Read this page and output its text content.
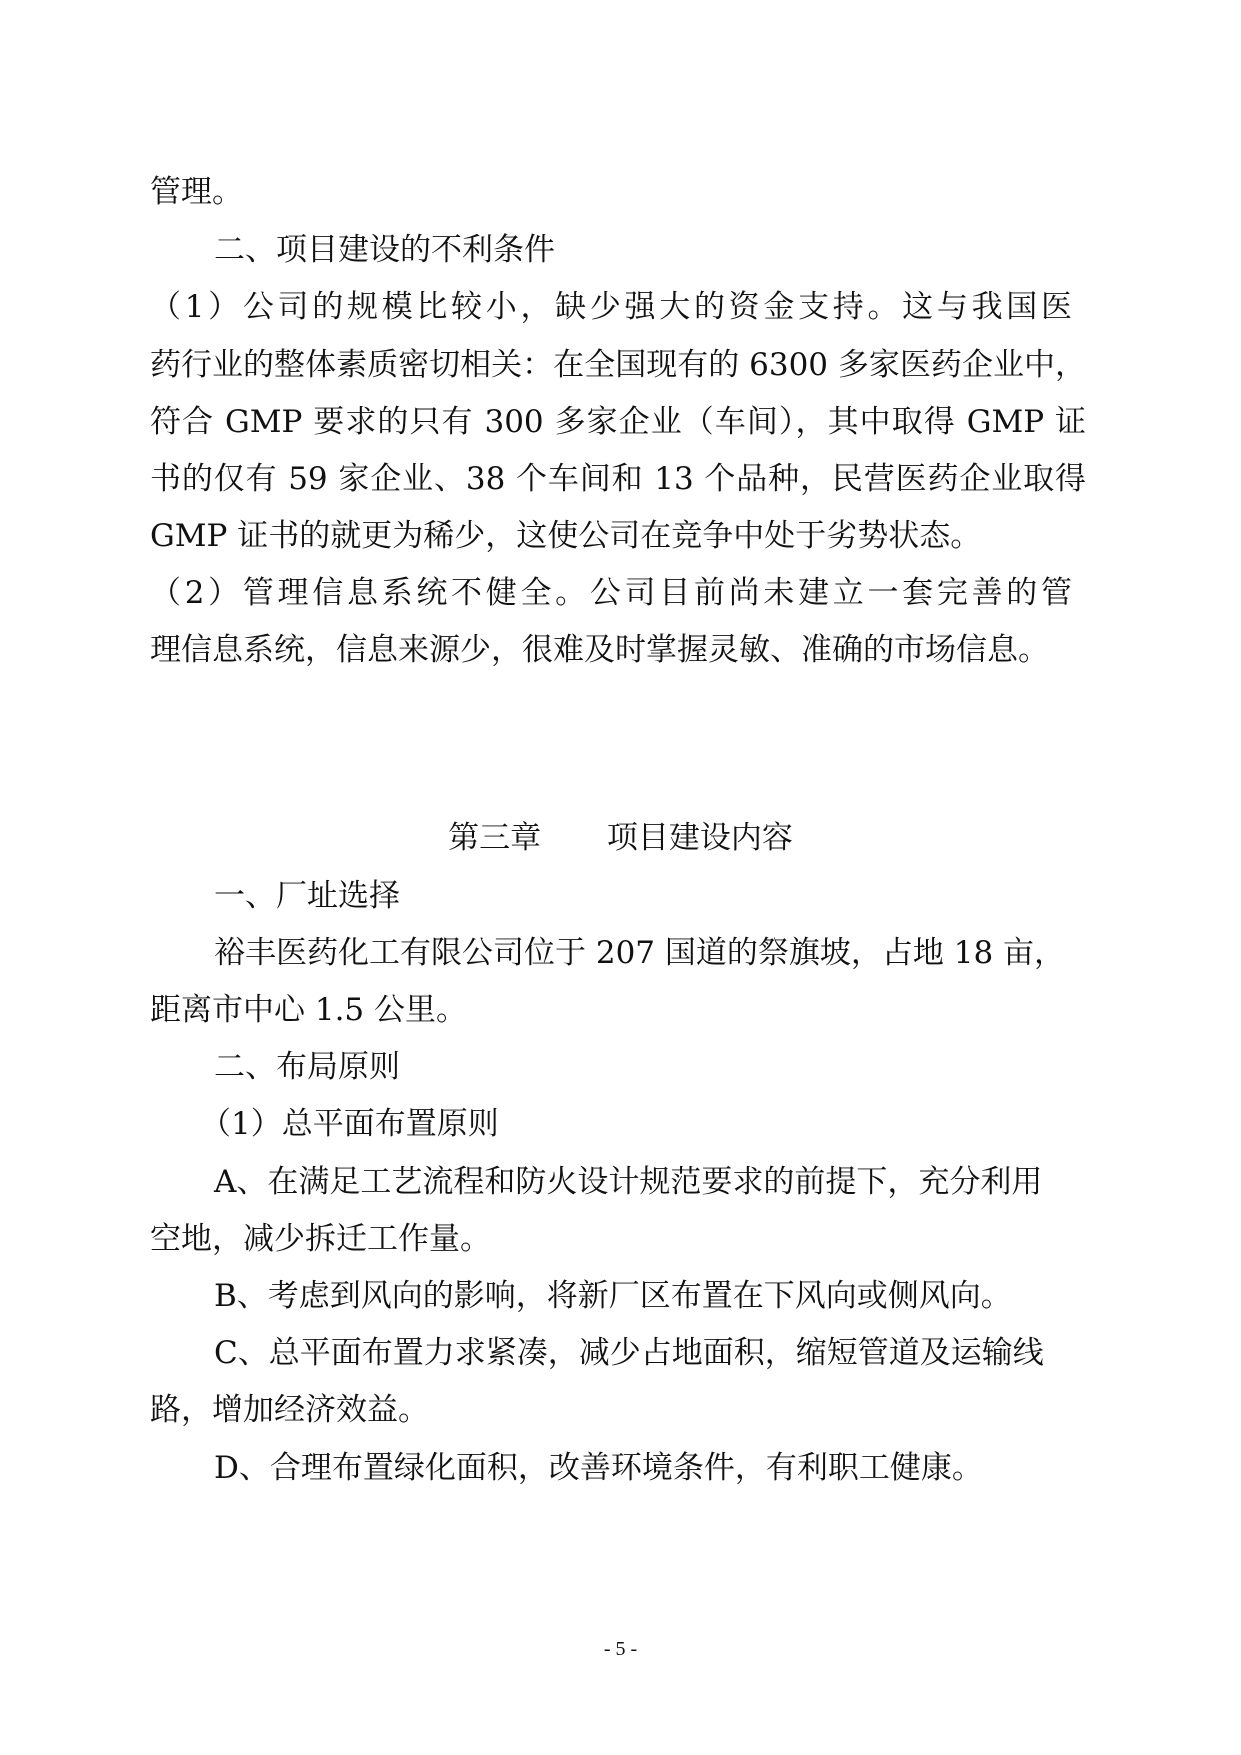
管理。
二、项目建设的不利条件
（1）公司的规模比较小，缺少强大的资金支持。这与我国医
药行业的整体素质密切相关：在全国现有的 6300 多家医药企业中，
符合 GMP 要求的只有 300 多家企业（车间），其中取得 GMP 证
书的仅有 59 家企业、38 个车间和 13 个品种，民营医药企业取得
GMP 证书的就更为稀少，这使公司在竞争中处于劣势状态。
（2）管理信息系统不健全。公司目前尚未建立一套完善的管
理信息系统，信息来源少，很难及时掌握灵敏、准确的市场信息。
第三章 项目建设内容
一、厂址选择
裕丰医药化工有限公司位于 207 国道的祭旗坡，占地 18 亩，
距离市中心 1.5 公里。
二、布局原则
（1）总平面布置原则
A、在满足工艺流程和防火设计规范要求的前提下，充分利用
空地，减少拆迁工作量。
B、考虑到风向的影响，将新厂区布置在下风向或侧风向。
C、总平面布置力求紧凑，减少占地面积，缩短管道及运输线
路，增加经济效益。
D、合理布置绿化面积，改善环境条件，有利职工健康。
- 5 -
